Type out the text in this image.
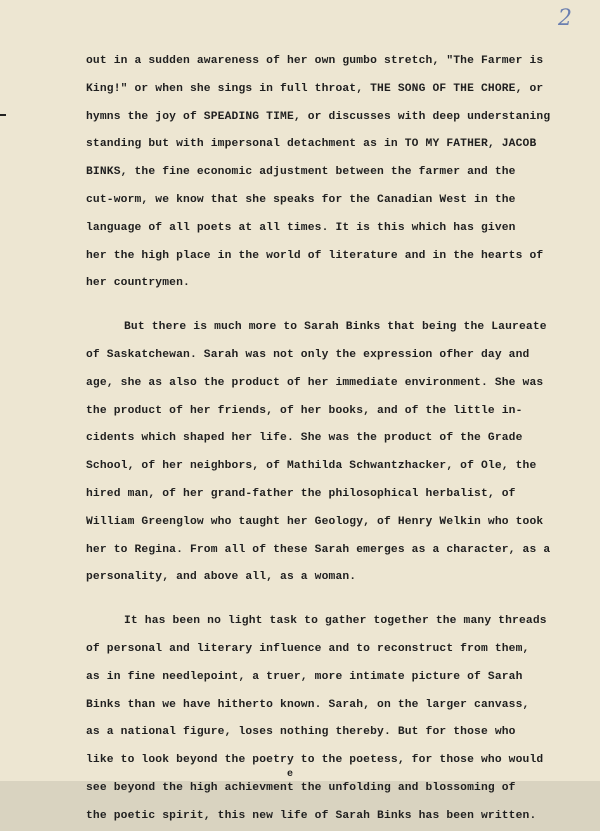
2
out in a sudden awareness of her own gumbo stretch, "The Farmer is
King!" or when she sings in full throat, THE SONG OF THE CHORE, or
hymns the joy of SPEADING TIME, or discusses with deep understaning
standing but with impersonal detachment as in TO MY FATHER, JACOB
BINKS, the fine economic adjustment between the farmer and the
cut-worm, we know that she speaks for the Canadian West in the
language of all poets at all times. It is this which has given
her the high place in the world of literature and in the hearts of
her countrymen.
But there is much more to Sarah Binks that being the Laureate
of Saskatchewan. Sarah was not only the expression ofher day and
age, she as also the product of her immediate environment. She was
the product of her friends, of her books, and of the little in-
cidents which shaped her life. She was the product of the Grade
School, of her neighbors, of Mathilda Schwantzhacker, of Ole, the
hired man, of her grand-father the philosophical herbalist, of
William Greenglow who taught her Geology, of Henry Welkin who took
her to Regina. From all of these Sarah emerges as a character, as a
personality, and above all, as a woman.
It has been no light task to gather together the many threads
of personal and literary influence and to reconstruct from them,
as in fine needlepoint, a truer, more intimate picture of Sarah
Binks than we have hitherto known. Sarah, on the larger canvass,
as a national figure, loses nothing thereby. But for those who
like to look beyond the poetry to the poetess, for those who would
e
see beyond the high achievment the unfolding and blossoming of
the poetic spirit, this new life of Sarah Binks has been written.
